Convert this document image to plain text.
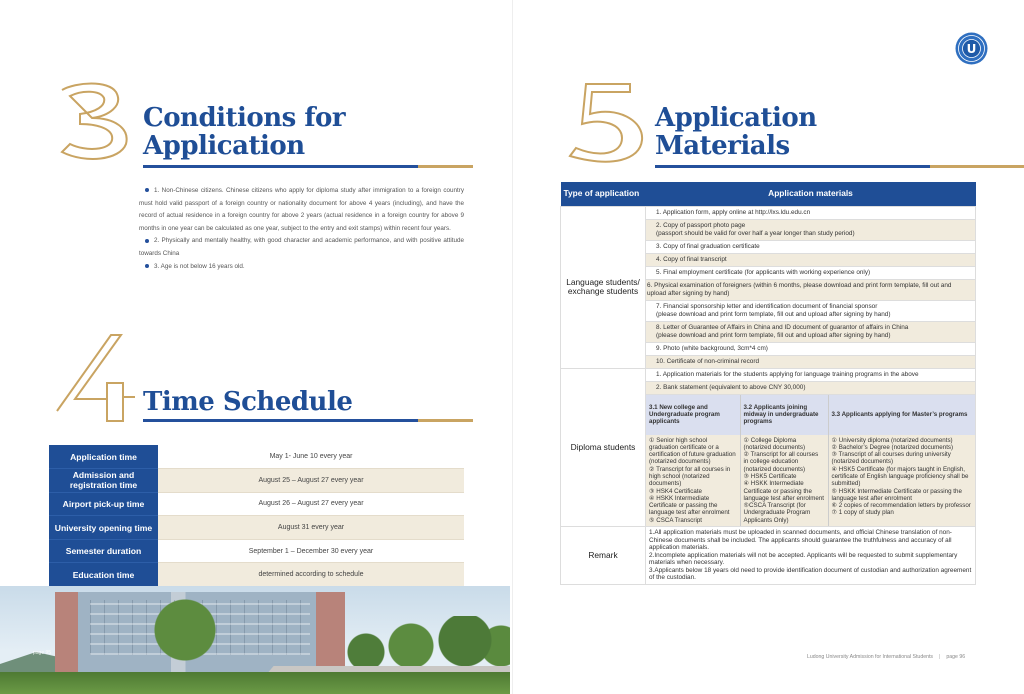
U
Conditions for
Application

1. Non-Chinese citizens. Chinese citizens who apply for diploma study after immigration to a foreign country must hold valid passport of a foreign country or nationality document for above 4 years (including), and have the record of actual residence in a foreign country for above 2 years (actual residence in a foreign country for above 9 months in one year can be calculated as one year, subject to the entry and exit stamps) within recent four years.

2. Physically and mentally healthy, with good character and academic performance, and with positive attitude towards China

3. Age is not below 16 years old.

Time Schedule
Application time	May 1- June 10 every year
Admission and registration time	August 25 – August 27 every year
Airport pick-up time	August 26 – August 27 every year
University opening time	August 31 every year
Semester duration	September 1 – December 30 every year
Education time	determined according to schedule
page 95
Application
Materials
Type of application	Application materials
Language students/ exchange students	1. Application form, apply online at http://lxs.ldu.edu.cn
2. Copy of passport photo page
(passport should be valid for over half a year longer than study period)
3. Copy of final graduation certificate
4. Copy of final transcript
5. Final employment certificate (for applicants with working experience only)
6. Physical examination of foreigners (within 6 months, please download and print form template, fill out and upload after signing by hand)
7. Financial sponsorship letter and identification document of financial sponsor
(please download and print form template, fill out and upload after signing by hand)
8. Letter of Guarantee of Affairs in China and ID document of guarantor of affairs in China
(please download and print form template, fill out and upload after signing by hand)
9. Photo (white background, 3cm*4 cm)
10. Certificate of non-criminal record
Diploma students	1. Application materials for the students applying for language training programs in the above
2. Bank statement (equivalent to above CNY 30,000)

3.1 New college and Undergraduate program applicants	3.2 Applicants joining midway in undergraduate programs	3.3 Applicants applying for Master’s programs
① Senior high school graduation certificate or a certification of future graduation (notarized documents)
② Transcript for all courses in high school (notarized documents)
③ HSK4 Certificate
④ HSKK Intermediate Certificate or passing the language test after enrolment
⑤ CSCA Transcript	① College Diploma (notarized documents)
② Transcript for all courses in college education (notarized documents)
③ HSK5 Certificate
④ HSKK Intermediate Certificate or passing the language test after enrolment
⑤CSCA Transcript (for Undergraduate Program Applicants Only)	① University diploma (notarized documents)
② Bachelor’s Degree (notarized documents)
③ Transcript of all courses during university (notarized documents)
④ HSK5 Certificate (for majors taught in English, certificate of English language proficiency shall be submitted)
⑤ HSKK Intermediate Certificate or passing the language test after enrolment
⑥ 2 copies of recommendation letters by professor
⑦ 1 copy of study plan

Remark	1.All application materials must be uploaded in scanned documents, and official Chinese translation of non-Chinese documents shall be included. The applicants should guarantee the truthfulness and accuracy of all application materials.
2.Incomplete application materials will not be accepted. Applicants will be requested to submit supplementary materials when necessary.
3.Applicants below 18 years old need to provide identification document of custodian and authorization agreement of the custodian.
Ludong University Admission for International Students | page 96
